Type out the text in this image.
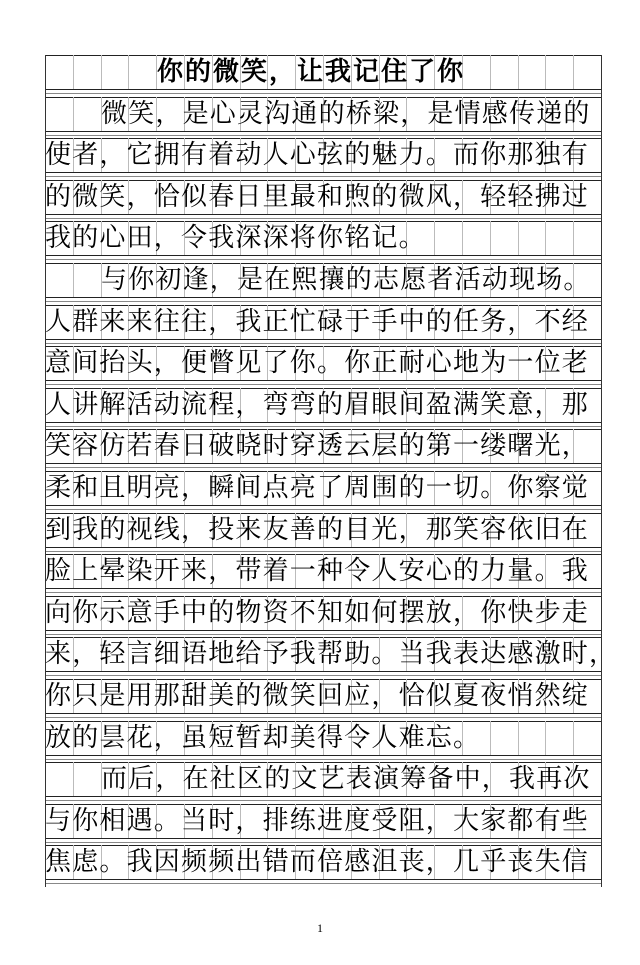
你的微笑，让我记住了你
微笑，是心灵沟通的桥梁，是情感传递的
使者，它拥有着动人心弦的魅力。而你那独有
的微笑，恰似春日里最和煦的微风，轻轻拂过
我的心田，令我深深将你铭记。
与你初逢，是在熙攘的志愿者活动现场。
人群来来往往，我正忙碌于手中的任务，不经
意间抬头，便瞥见了你。你正耐心地为一位老
人讲解活动流程，弯弯的眉眼间盈满笑意，那
笑容仿若春日破晓时穿透云层的第一缕曙光，
柔和且明亮，瞬间点亮了周围的一切。你察觉
到我的视线，投来友善的目光，那笑容依旧在
脸上晕染开来，带着一种令人安心的力量。我
向你示意手中的物资不知如何摆放，你快步走
来，轻言细语地给予我帮助。当我表达感激时，
你只是用那甜美的微笑回应，恰似夏夜悄然绽
放的昙花，虽短暂却美得令人难忘。
而后，在社区的文艺表演筹备中，我再次
与你相遇。当时，排练进度受阻，大家都有些
焦虑。我因频频出错而倍感沮丧，几乎丧失信
1
